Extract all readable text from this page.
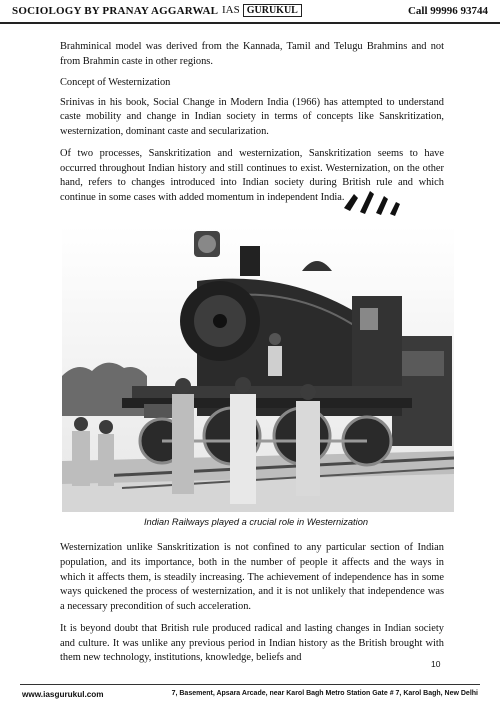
SOCIOLOGY BY PRANAY AGGARWAL IAS GURUKUL	Call 99996 93744

Brahminical model was derived from the Kannada, Tamil and Telugu Brahmins and not from Brahmin caste in other regions.

Concept of Westernization

Srinivas in his book, Social Change in Modern India (1966) has attempted to understand caste mobility and change in Indian society in terms of concepts like Sanskritization, westernization, dominant caste and secularization.

Of two processes, Sanskritization and westernization, Sanskritization seems to have occurred throughout Indian history and still continues to exist. Westernization, on the other hand, refers to changes introduced into Indian society during British rule and which continue in some cases with added momentum in independent India.

Indian Railways played a crucial role in Westernization

Westernization unlike Sanskritization is not confined to any particular section of Indian population, and its importance, both in the number of people it affects and the ways in which it affects them, is steadily increasing. The achievement of independence has in some ways quickened the process of westernization, and it is not unlikely that independence was a necessary precondition of such acceleration.

It is beyond doubt that British rule produced radical and lasting changes in Indian society and culture. It was unlike any previous period in Indian history as the British brought with them new technology, institutions, knowledge, beliefs and

10
www.iasgurukul.com	7, Basement, Apsara Arcade, near Karol Bagh Metro Station Gate # 7, Karol Bagh, New Delhi
